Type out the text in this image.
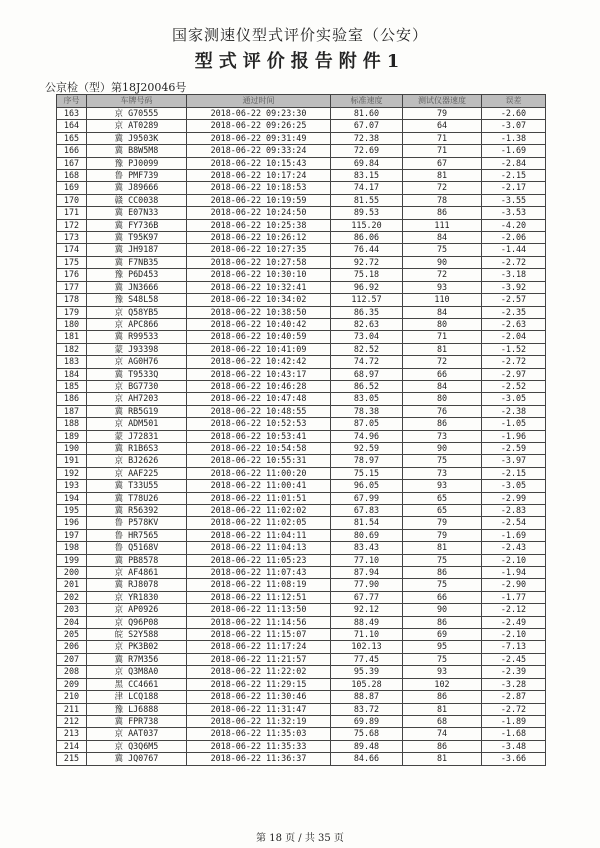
国家测速仪型式评价实验室（公安）
型式评价报告附件1
公京检（型）第18J20046号
序号	车牌号码	通过时间	标准速度	测试仪器速度	误差
163	京 G70555	2018-06-22 09:23:30	81.60	79	-2.60
164	京 AT0289	2018-06-22 09:26:25	67.07	64	-3.07
165	冀 J9503K	2018-06-22 09:31:49	72.38	71	-1.38
166	冀 B8W5M8	2018-06-22 09:33:24	72.69	71	-1.69
167	豫 PJ0099	2018-06-22 10:15:43	69.84	67	-2.84
168	鲁 PMF739	2018-06-22 10:17:24	83.15	81	-2.15
169	冀 J89666	2018-06-22 10:18:53	74.17	72	-2.17
170	赣 CC0038	2018-06-22 10:19:59	81.55	78	-3.55
171	冀 E07N33	2018-06-22 10:24:50	89.53	86	-3.53
172	冀 FY736B	2018-06-22 10:25:38	115.20	111	-4.20
173	冀 T95K97	2018-06-22 10:26:12	86.06	84	-2.06
174	冀 JH9187	2018-06-22 10:27:35	76.44	75	-1.44
175	冀 F7NB35	2018-06-22 10:27:58	92.72	90	-2.72
176	豫 P6D453	2018-06-22 10:30:10	75.18	72	-3.18
177	冀 JN3666	2018-06-22 10:32:41	96.92	93	-3.92
178	豫 S48L58	2018-06-22 10:34:02	112.57	110	-2.57
179	京 Q58YB5	2018-06-22 10:38:50	86.35	84	-2.35
180	京 APC866	2018-06-22 10:40:42	82.63	80	-2.63
181	冀 R99533	2018-06-22 10:40:59	73.04	71	-2.04
182	蒙 J93398	2018-06-22 10:41:09	82.52	81	-1.52
183	京 AG0H76	2018-06-22 10:42:42	74.72	72	-2.72
184	冀 T9533Q	2018-06-22 10:43:17	68.97	66	-2.97
185	京 BG7730	2018-06-22 10:46:28	86.52	84	-2.52
186	京 AH7203	2018-06-22 10:47:48	83.05	80	-3.05
187	冀 RB5G19	2018-06-22 10:48:55	78.38	76	-2.38
188	京 ADM501	2018-06-22 10:52:53	87.05	86	-1.05
189	蒙 J72831	2018-06-22 10:53:41	74.96	73	-1.96
190	冀 R1B6S3	2018-06-22 10:54:58	92.59	90	-2.59
191	京 BJ2626	2018-06-22 10:55:31	78.97	75	-3.97
192	京 AAF225	2018-06-22 11:00:20	75.15	73	-2.15
193	冀 T33U55	2018-06-22 11:00:41	96.05	93	-3.05
194	冀 T78U26	2018-06-22 11:01:51	67.99	65	-2.99
195	冀 R56392	2018-06-22 11:02:02	67.83	65	-2.83
196	鲁 P578KV	2018-06-22 11:02:05	81.54	79	-2.54
197	鲁 HR7565	2018-06-22 11:04:11	80.69	79	-1.69
198	鲁 Q5168V	2018-06-22 11:04:13	83.43	81	-2.43
199	冀 PB8578	2018-06-22 11:05:23	77.10	75	-2.10
200	京 AF4861	2018-06-22 11:07:43	87.94	86	-1.94
201	冀 RJ8078	2018-06-22 11:08:19	77.90	75	-2.90
202	京 YR1830	2018-06-22 11:12:51	67.77	66	-1.77
203	京 AP0926	2018-06-22 11:13:50	92.12	90	-2.12
204	京 Q96P08	2018-06-22 11:14:56	88.49	86	-2.49
205	皖 S2Y588	2018-06-22 11:15:07	71.10	69	-2.10
206	京 PK3B02	2018-06-22 11:17:24	102.13	95	-7.13
207	冀 R7M356	2018-06-22 11:21:57	77.45	75	-2.45
208	京 Q3M8A0	2018-06-22 11:22:02	95.39	93	-2.39
209	黑 CC4661	2018-06-22 11:29:15	105.28	102	-3.28
210	津 LCQ188	2018-06-22 11:30:46	88.87	86	-2.87
211	豫 LJ6888	2018-06-22 11:31:47	83.72	81	-2.72
212	冀 FPR738	2018-06-22 11:32:19	69.89	68	-1.89
213	京 AAT037	2018-06-22 11:35:03	75.68	74	-1.68
214	京 Q3Q6M5	2018-06-22 11:35:33	89.48	86	-3.48
215	冀 JQ0767	2018-06-22 11:36:37	84.66	81	-3.66
第 18 页 / 共 35 页
